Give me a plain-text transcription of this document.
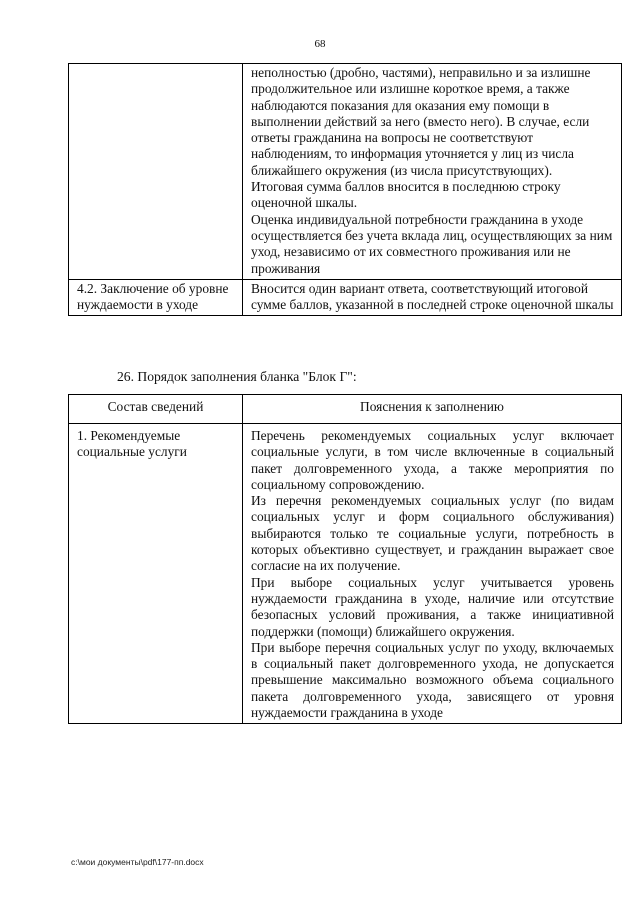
68

	неполностью (дробно, частями), неправильно и за излишне продолжительное или излишне короткое время, а также наблюдаются показания для оказания ему помощи в выполнении действий за него (вместо него). В случае, если ответы гражданина на вопросы не соответствуют наблюдениям, то информация уточняется у лиц из числа ближайшего окружения (из числа присутствующих).

Итоговая сумма баллов вносится в последнюю строку оценочной шкалы.

Оценка индивидуальной потребности гражданина в уходе осуществляется без учета вклада лиц, осуществляющих за ним уход, независимо от их совместного проживания или не проживания

4.2. Заключение об уровне нуждаемости в уходе	Вносится один вариант ответа, соответствующий итоговой сумме баллов, указанной в последней строке оценочной шкалы
26. Порядок заполнения бланка "Блок Г":
Состав сведений	Пояснения к заполнению
1. Рекомендуемые социальные услуги	Перечень рекомендуемых социальных услуг включает социальные услуги, в том числе включенные в социальный пакет долговременного ухода, а также мероприятия по социальному сопровождению.

Из перечня рекомендуемых социальных услуг (по видам социальных услуг и форм социального обслуживания) выбираются только те социальные услуги, потребность в которых объективно существует, и гражданин выражает свое согласие на их получение.

При выборе социальных услуг учитывается уровень нуждаемости гражданина в уходе, наличие или отсутствие безопасных условий проживания, а также инициативной поддержки (помощи) ближайшего окружения.

При выборе перечня социальных услуг по уходу, включаемых в социальный пакет долговременного ухода, не допускается превышение максимально возможного объема социального пакета долговременного ухода, зависящего от уровня нуждаемости гражданина в уходе

c:\мои документы\pdf\177-пп.docx
